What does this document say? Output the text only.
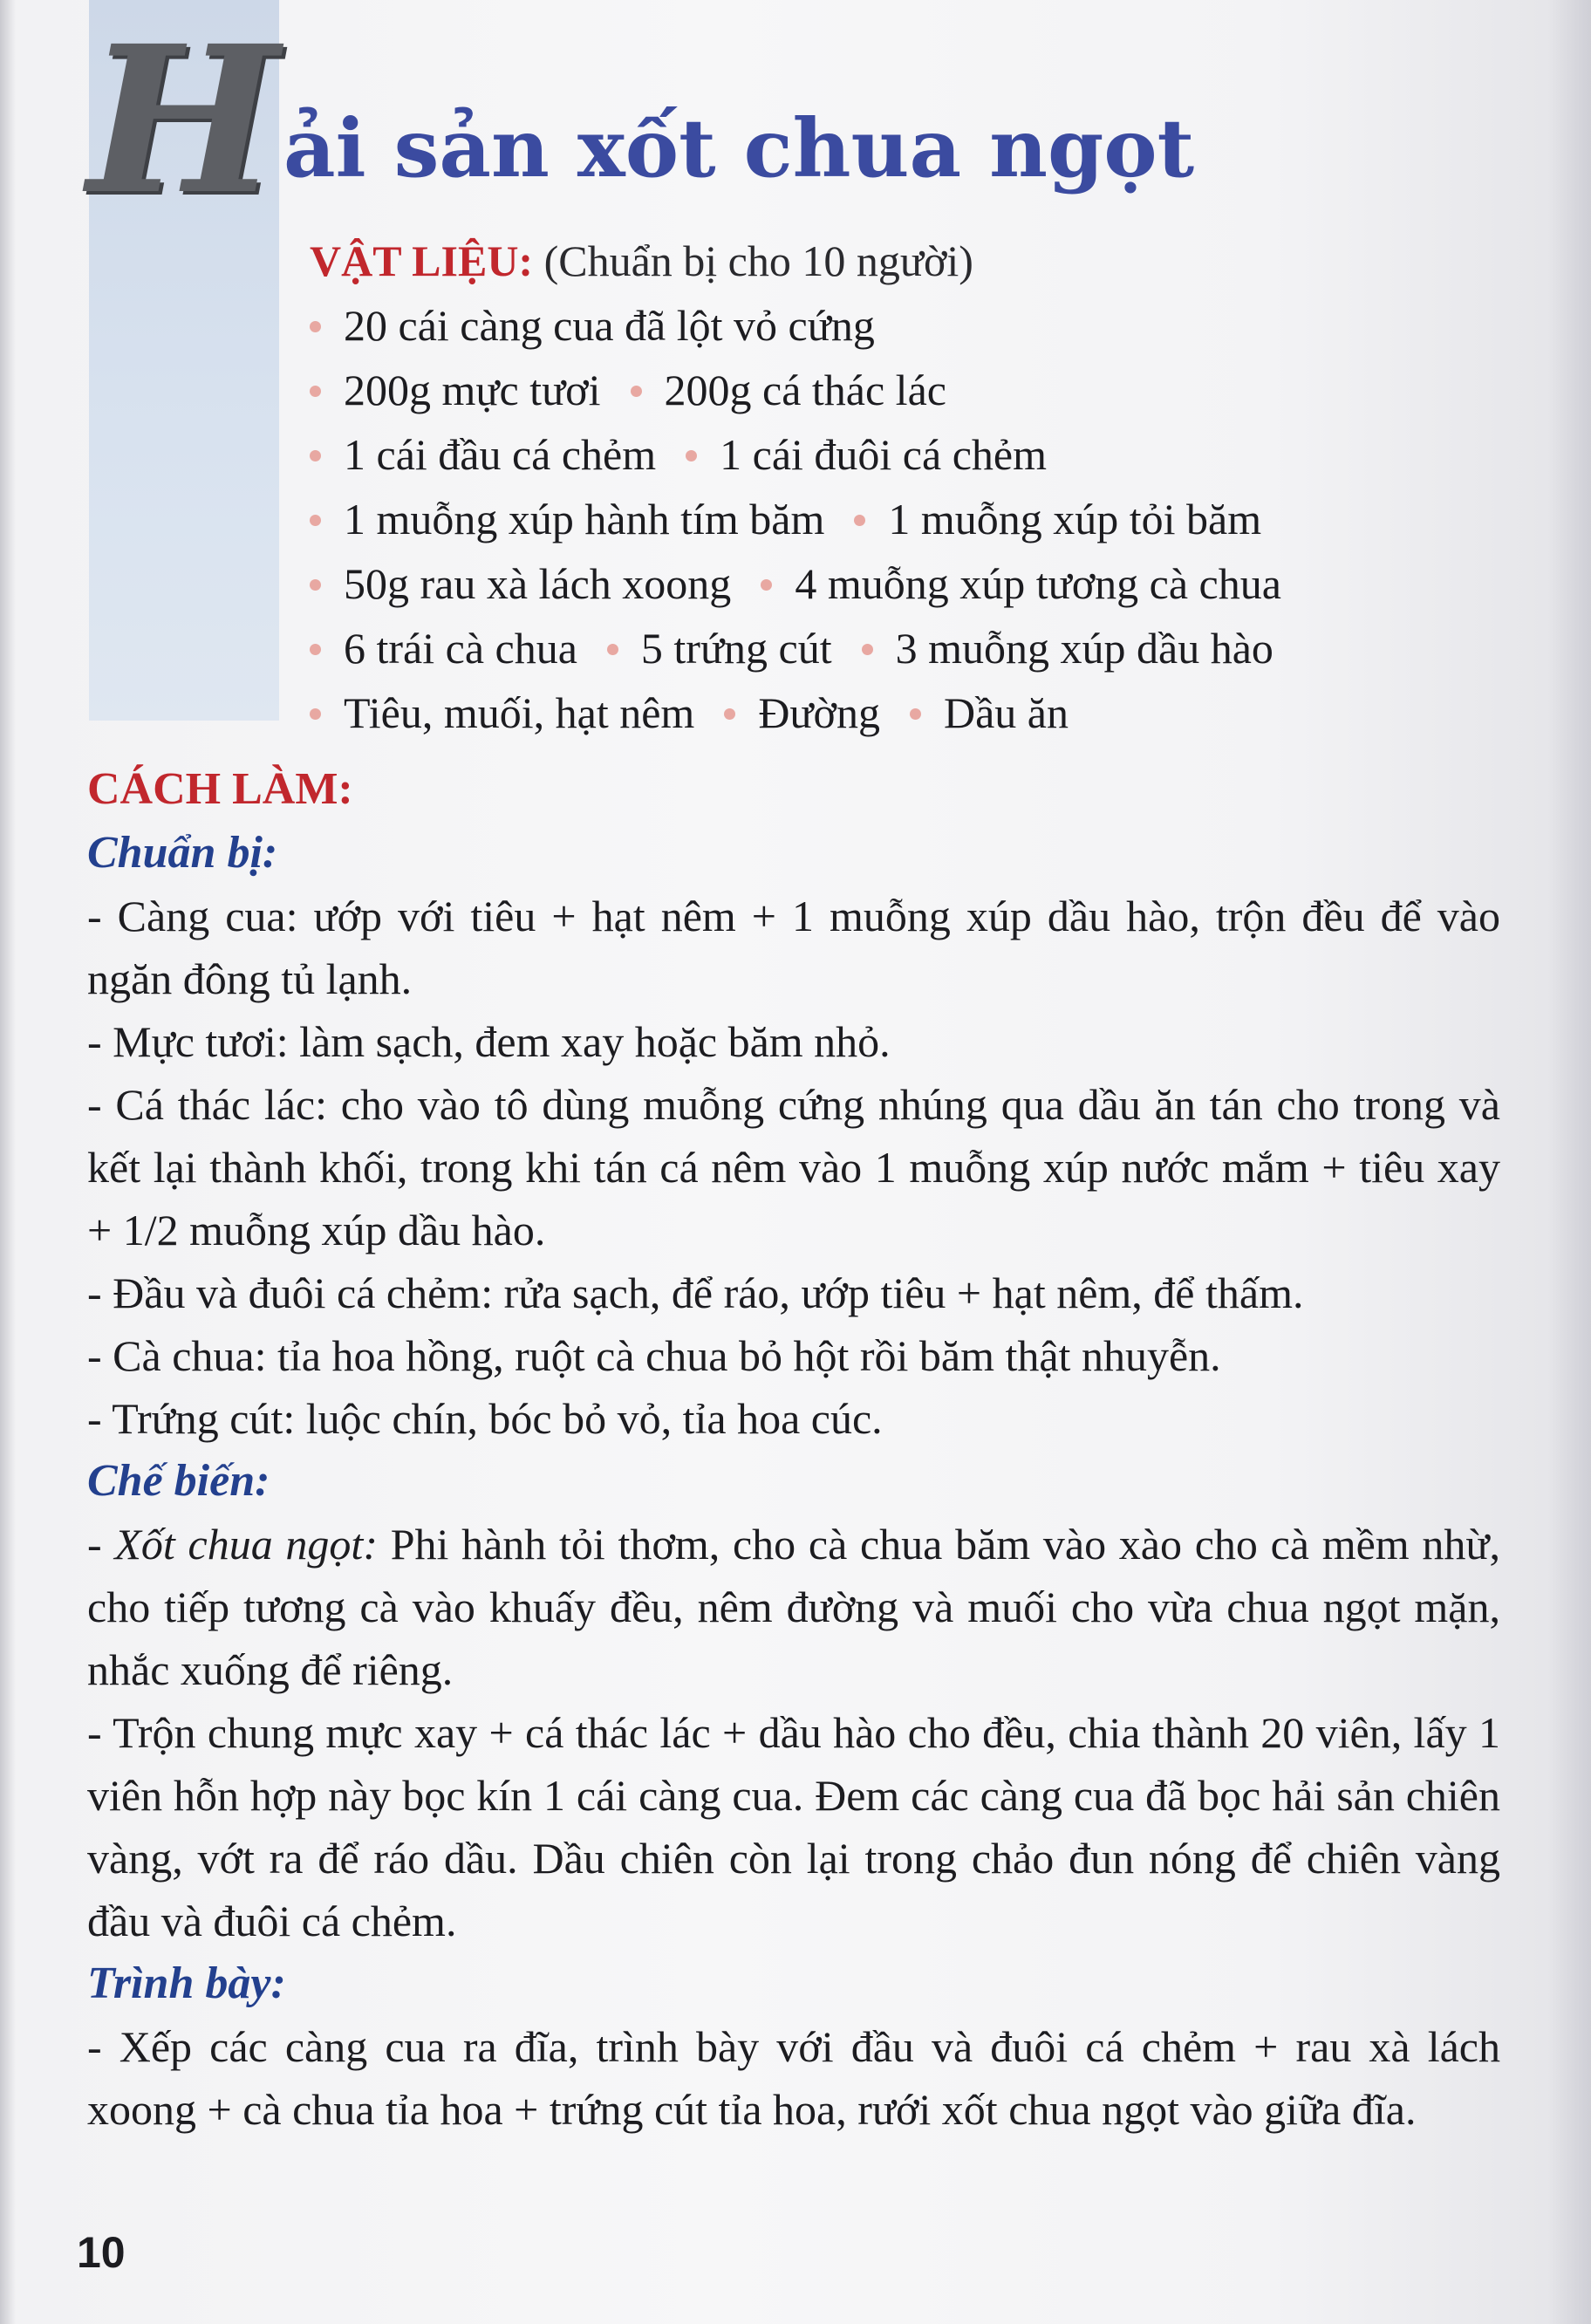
H ải sản xốt chua ngọt
VẬT LIỆU: (Chuẩn bị cho 10 người)
20 cái càng cua đã lột vỏ cứng
200g mực tươi 200g cá thác lác
1 cái đầu cá chẻm 1 cái đuôi cá chẻm
1 muỗng xúp hành tím băm 1 muỗng xúp tỏi băm
50g rau xà lách xoong 4 muỗng xúp tương cà chua
6 trái cà chua 5 trứng cút 3 muỗng xúp dầu hào
Tiêu, muối, hạt nêm Đường Dầu ăn
CÁCH LÀM:
Chuẩn bị:
- Càng cua: ướp với tiêu + hạt nêm + 1 muỗng xúp dầu hào, trộn đều để vào ngăn đông tủ lạnh.
- Mực tươi: làm sạch, đem xay hoặc băm nhỏ.
- Cá thác lác: cho vào tô dùng muỗng cứng nhúng qua dầu ăn tán cho trong và kết lại thành khối, trong khi tán cá nêm vào 1 muỗng xúp nước mắm + tiêu xay + 1/2 muỗng xúp dầu hào.
- Đầu và đuôi cá chẻm: rửa sạch, để ráo, ướp tiêu + hạt nêm, để thấm.
- Cà chua: tỉa hoa hồng, ruột cà chua bỏ hột rồi băm thật nhuyễn.
- Trứng cút: luộc chín, bóc bỏ vỏ, tỉa hoa cúc.
Chế biến:
- Xốt chua ngọt: Phi hành tỏi thơm, cho cà chua băm vào xào cho cà mềm nhừ, cho tiếp tương cà vào khuấy đều, nêm đường và muối cho vừa chua ngọt mặn, nhắc xuống để riêng.
- Trộn chung mực xay + cá thác lác + dầu hào cho đều, chia thành 20 viên, lấy 1 viên hỗn hợp này bọc kín 1 cái càng cua. Đem các càng cua đã bọc hải sản chiên vàng, vớt ra để ráo dầu. Dầu chiên còn lại trong chảo đun nóng để chiên vàng đầu và đuôi cá chẻm.
Trình bày:
- Xếp các càng cua ra đĩa, trình bày với đầu và đuôi cá chẻm + rau xà lách xoong + cà chua tỉa hoa + trứng cút tỉa hoa, rưới xốt chua ngọt vào giữa đĩa.
10
